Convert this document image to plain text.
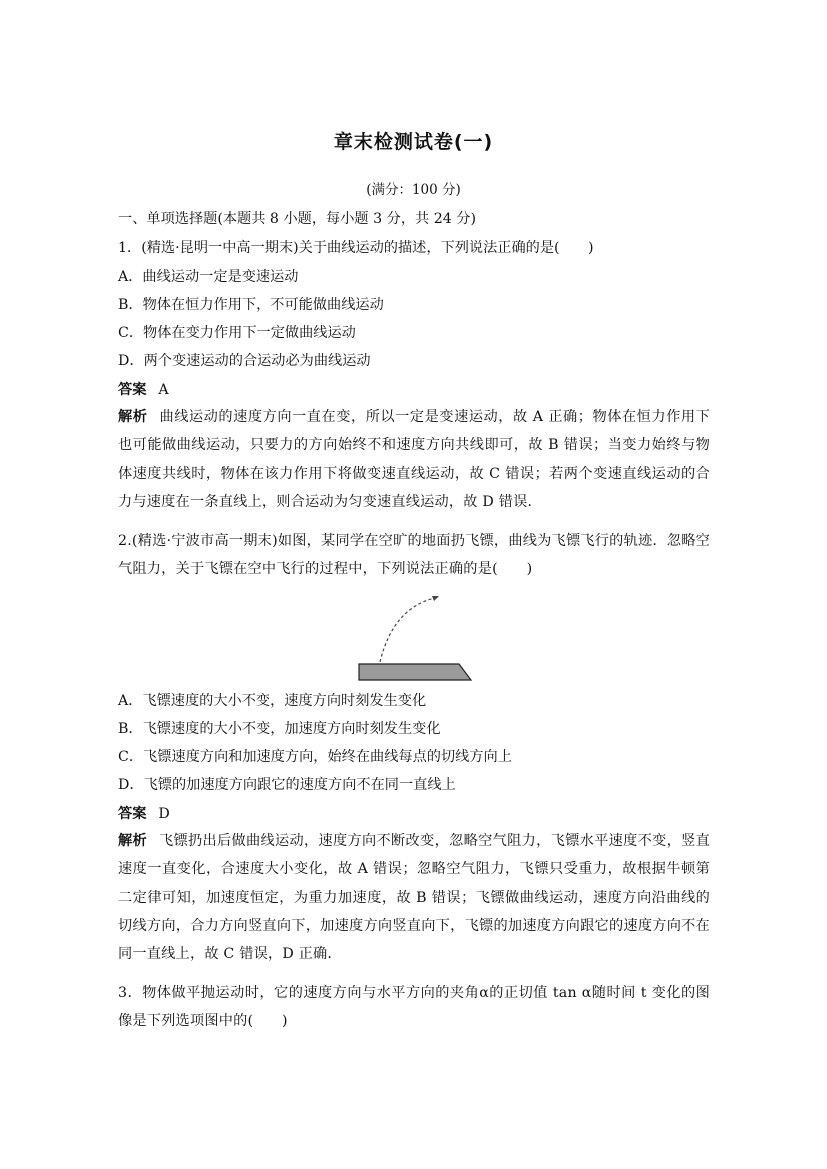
章末检测试卷(一)
(满分：100 分)
一、单项选择题(本题共 8 小题，每小题 3 分，共 24 分)
1．(精选·昆明一中高一期末)关于曲线运动的描述，下列说法正确的是(　　)
A．曲线运动一定是变速运动
B．物体在恒力作用下，不可能做曲线运动
C．物体在变力作用下一定做曲线运动
D．两个变速运动的合运动必为曲线运动
答案 A
解析 曲线运动的速度方向一直在变，所以一定是变速运动，故 A 正确；物体在恒力作用下也可能做曲线运动，只要力的方向始终不和速度方向共线即可，故 B 错误；当变力始终与物体速度共线时，物体在该力作用下将做变速直线运动，故 C 错误；若两个变速直线运动的合力与速度在一条直线上，则合运动为匀变速直线运动，故 D 错误．
2.(精选·宁波市高一期末)如图，某同学在空旷的地面扔飞镖，曲线为飞镖飞行的轨迹．忽略空气阻力，关于飞镖在空中飞行的过程中，下列说法正确的是(　　)
A．飞镖速度的大小不变，速度方向时刻发生变化
B．飞镖速度的大小不变，加速度方向时刻发生变化
C．飞镖速度方向和加速度方向，始终在曲线每点的切线方向上
D．飞镖的加速度方向跟它的速度方向不在同一直线上
答案 D
解析 飞镖扔出后做曲线运动，速度方向不断改变，忽略空气阻力，飞镖水平速度不变，竖直速度一直变化，合速度大小变化，故 A 错误；忽略空气阻力，飞镖只受重力，故根据牛顿第二定律可知，加速度恒定，为重力加速度，故 B 错误；飞镖做曲线运动，速度方向沿曲线的切线方向，合力方向竖直向下，加速度方向竖直向下，飞镖的加速度方向跟它的速度方向不在同一直线上，故 C 错误，D 正确．
3．物体做平抛运动时，它的速度方向与水平方向的夹角α的正切值 tan α随时间 t 变化的图像是下列选项图中的(　　)
